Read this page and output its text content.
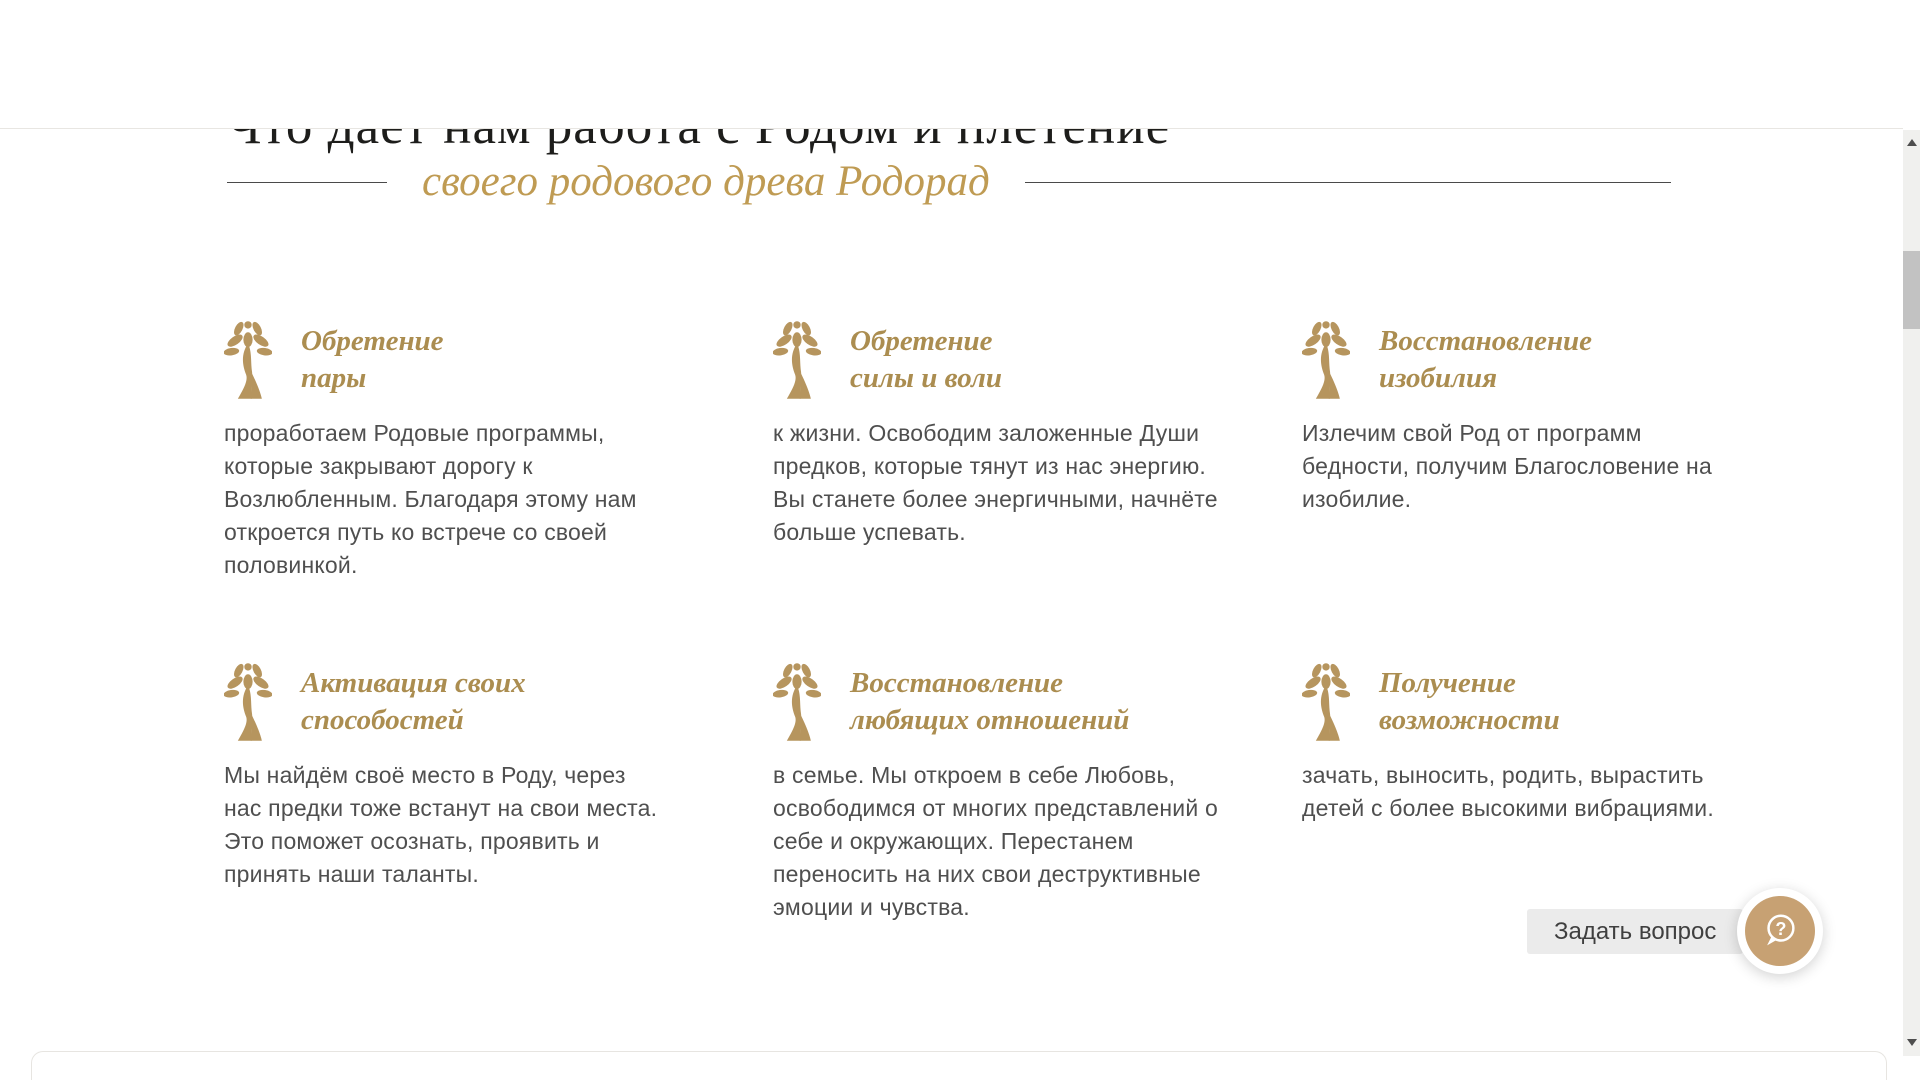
своего родового древа Родорад
Обретение
пары

проработаем Родовые программы, которые закрывают дорогу к Возлюбленным. Благодаря этому нам откроется путь ко встрече со своей половинкой.

Обретение
силы и воли

к жизни. Освободим заложенные Души предков, которые тянут из нас энергию. Вы станете более энергичными, начнёте больше успевать.

Восстановление
изобилия

Излечим свой Род от программ бедности, получим Благословение на изобилие.

Активация своих
способостей

Мы найдём своё место в Роду, через нас предки тоже встанут на свои места. Это поможет осознать, проявить и принять наши таланты.

Восстановление
любящих отношений

в семье. Мы откроем в себе Любовь, освободимся от многих представлений о себе и окружающих. Перестанем переносить на них свои деструктивные эмоции и чувства.

Получение
возможности

зачать, выносить, родить, вырастить детей с более высокими вибрациями.

Задать вопрос	?
